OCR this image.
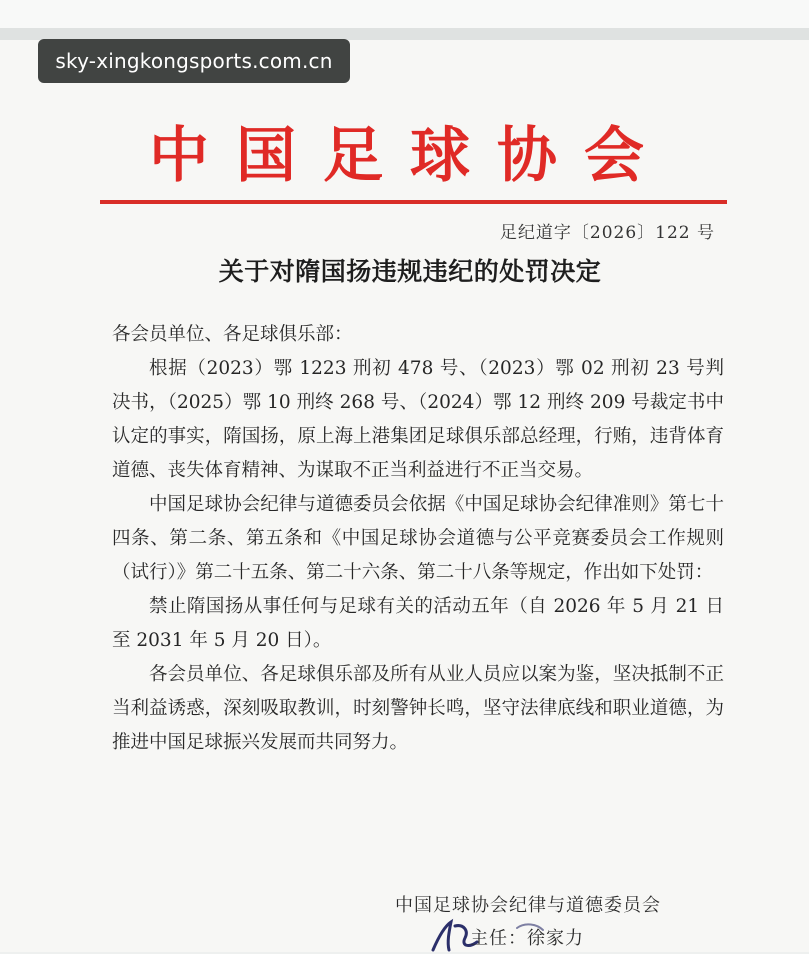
sky-xingkongsports.com.cn
中国足球协会
足纪道字〔2026〕122 号
关于对隋国扬违规违纪的处罚决定

各会员单位、各足球俱乐部：

根据（2023）鄂 1223 刑初 478 号、（2023）鄂 02 刑初 23 号判决书，（2025）鄂 10 刑终 268 号、（2024）鄂 12 刑终 209 号裁定书中认定的事实，隋国扬，原上海上港集团足球俱乐部总经理，行贿，违背体育道德、丧失体育精神、为谋取不正当利益进行不正当交易。

中国足球协会纪律与道德委员会依据《中国足球协会纪律准则》第七十四条、第二条、第五条和《中国足球协会道德与公平竞赛委员会工作规则（试行）》第二十五条、第二十六条、第二十八条等规定，作出如下处罚：

禁止隋国扬从事任何与足球有关的活动五年（自 2026 年 5 月 21 日至 2031 年 5 月 20 日）。

各会员单位、各足球俱乐部及所有从业人员应以案为鉴，坚决抵制不正当利益诱惑，深刻吸取教训，时刻警钟长鸣，坚守法律底线和职业道德，为推进中国足球振兴发展而共同努力。

中国足球协会纪律与道德委员会
主任：徐家力
